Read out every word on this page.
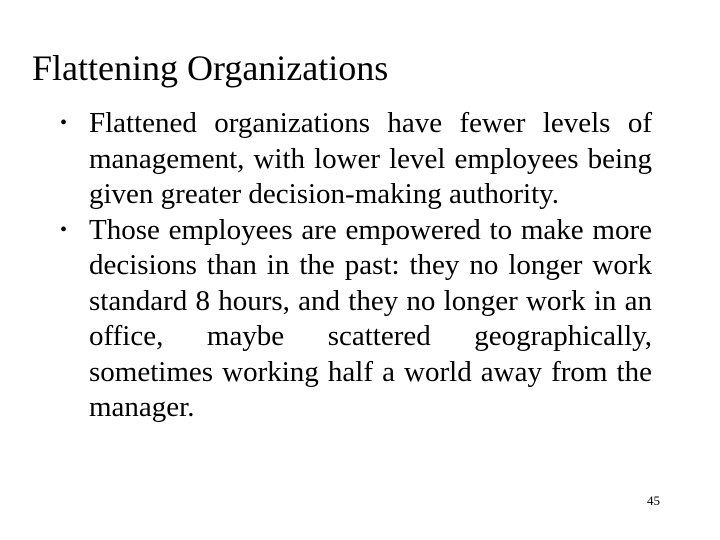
Flattening Organizations
• Flattened organizations have fewer levels of management, with lower level employees being given greater decision-making authority.
• Those employees are empowered to make more decisions than in the past: they no longer work standard 8 hours, and they no longer work in an office, maybe scattered geographically, sometimes working half a world away from the manager.
45
